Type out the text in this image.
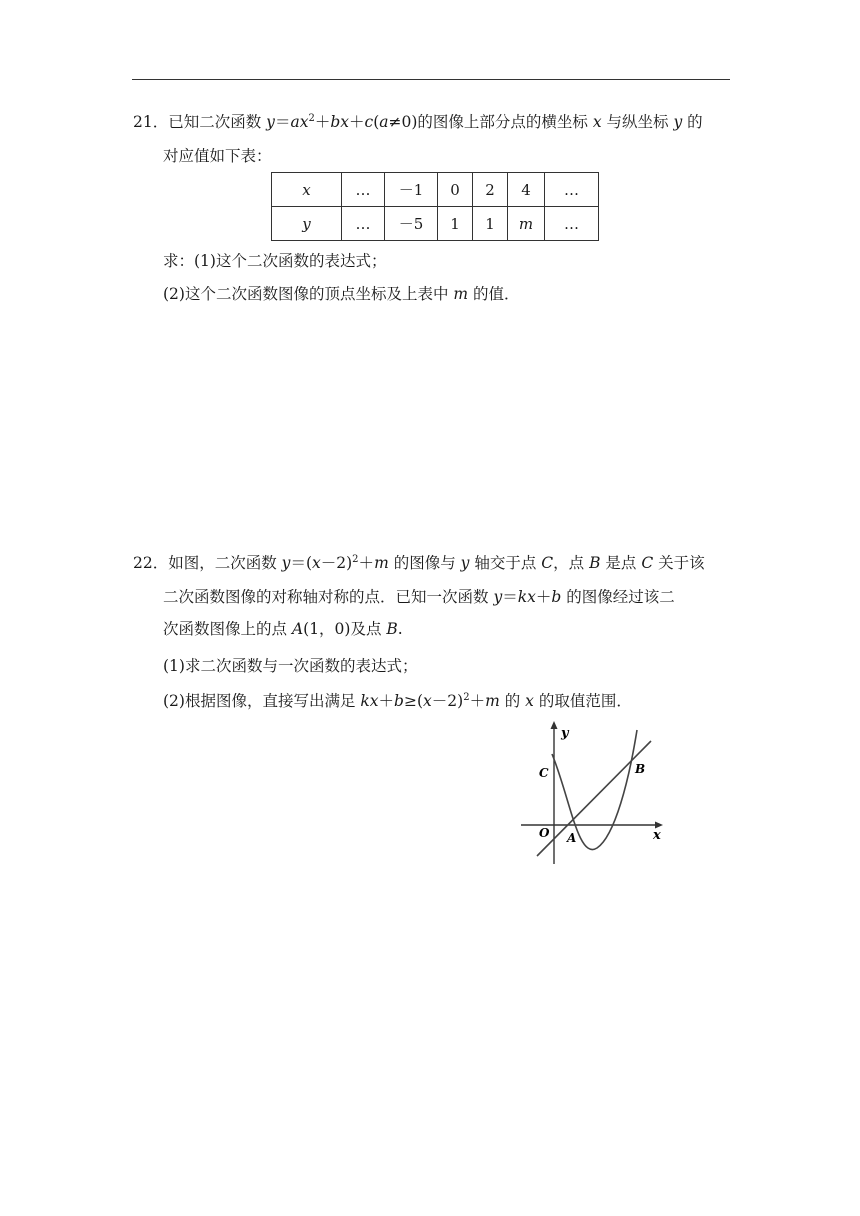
21．已知二次函数 $y=ax^2+bx+c(a\ne 0)$的图像上部分点的横坐标 x 与纵坐标 y 的
对应值如下表：
x	…	－1	0	2	4	…
y	…	－5	1	1	m	…
求：(1)这个二次函数的表达式；
(2)这个二次函数图像的顶点坐标及上表中 m 的值．
22．如图，二次函数 $y=(x-2)^2+m$ 的图像与 y 轴交于点 C，点 B 是点 C 关于该
二次函数图像的对称轴对称的点．已知一次函数 y＝kx＋b 的图像经过该二
次函数图像上的点 A(1，0)及点 B.
(1)求二次函数与一次函数的表达式；
(2)根据图像，直接写出满足 $kx+b\ge(x-2)^2+m$ 的 x 的取值范围．
y
x
C	B
O A
